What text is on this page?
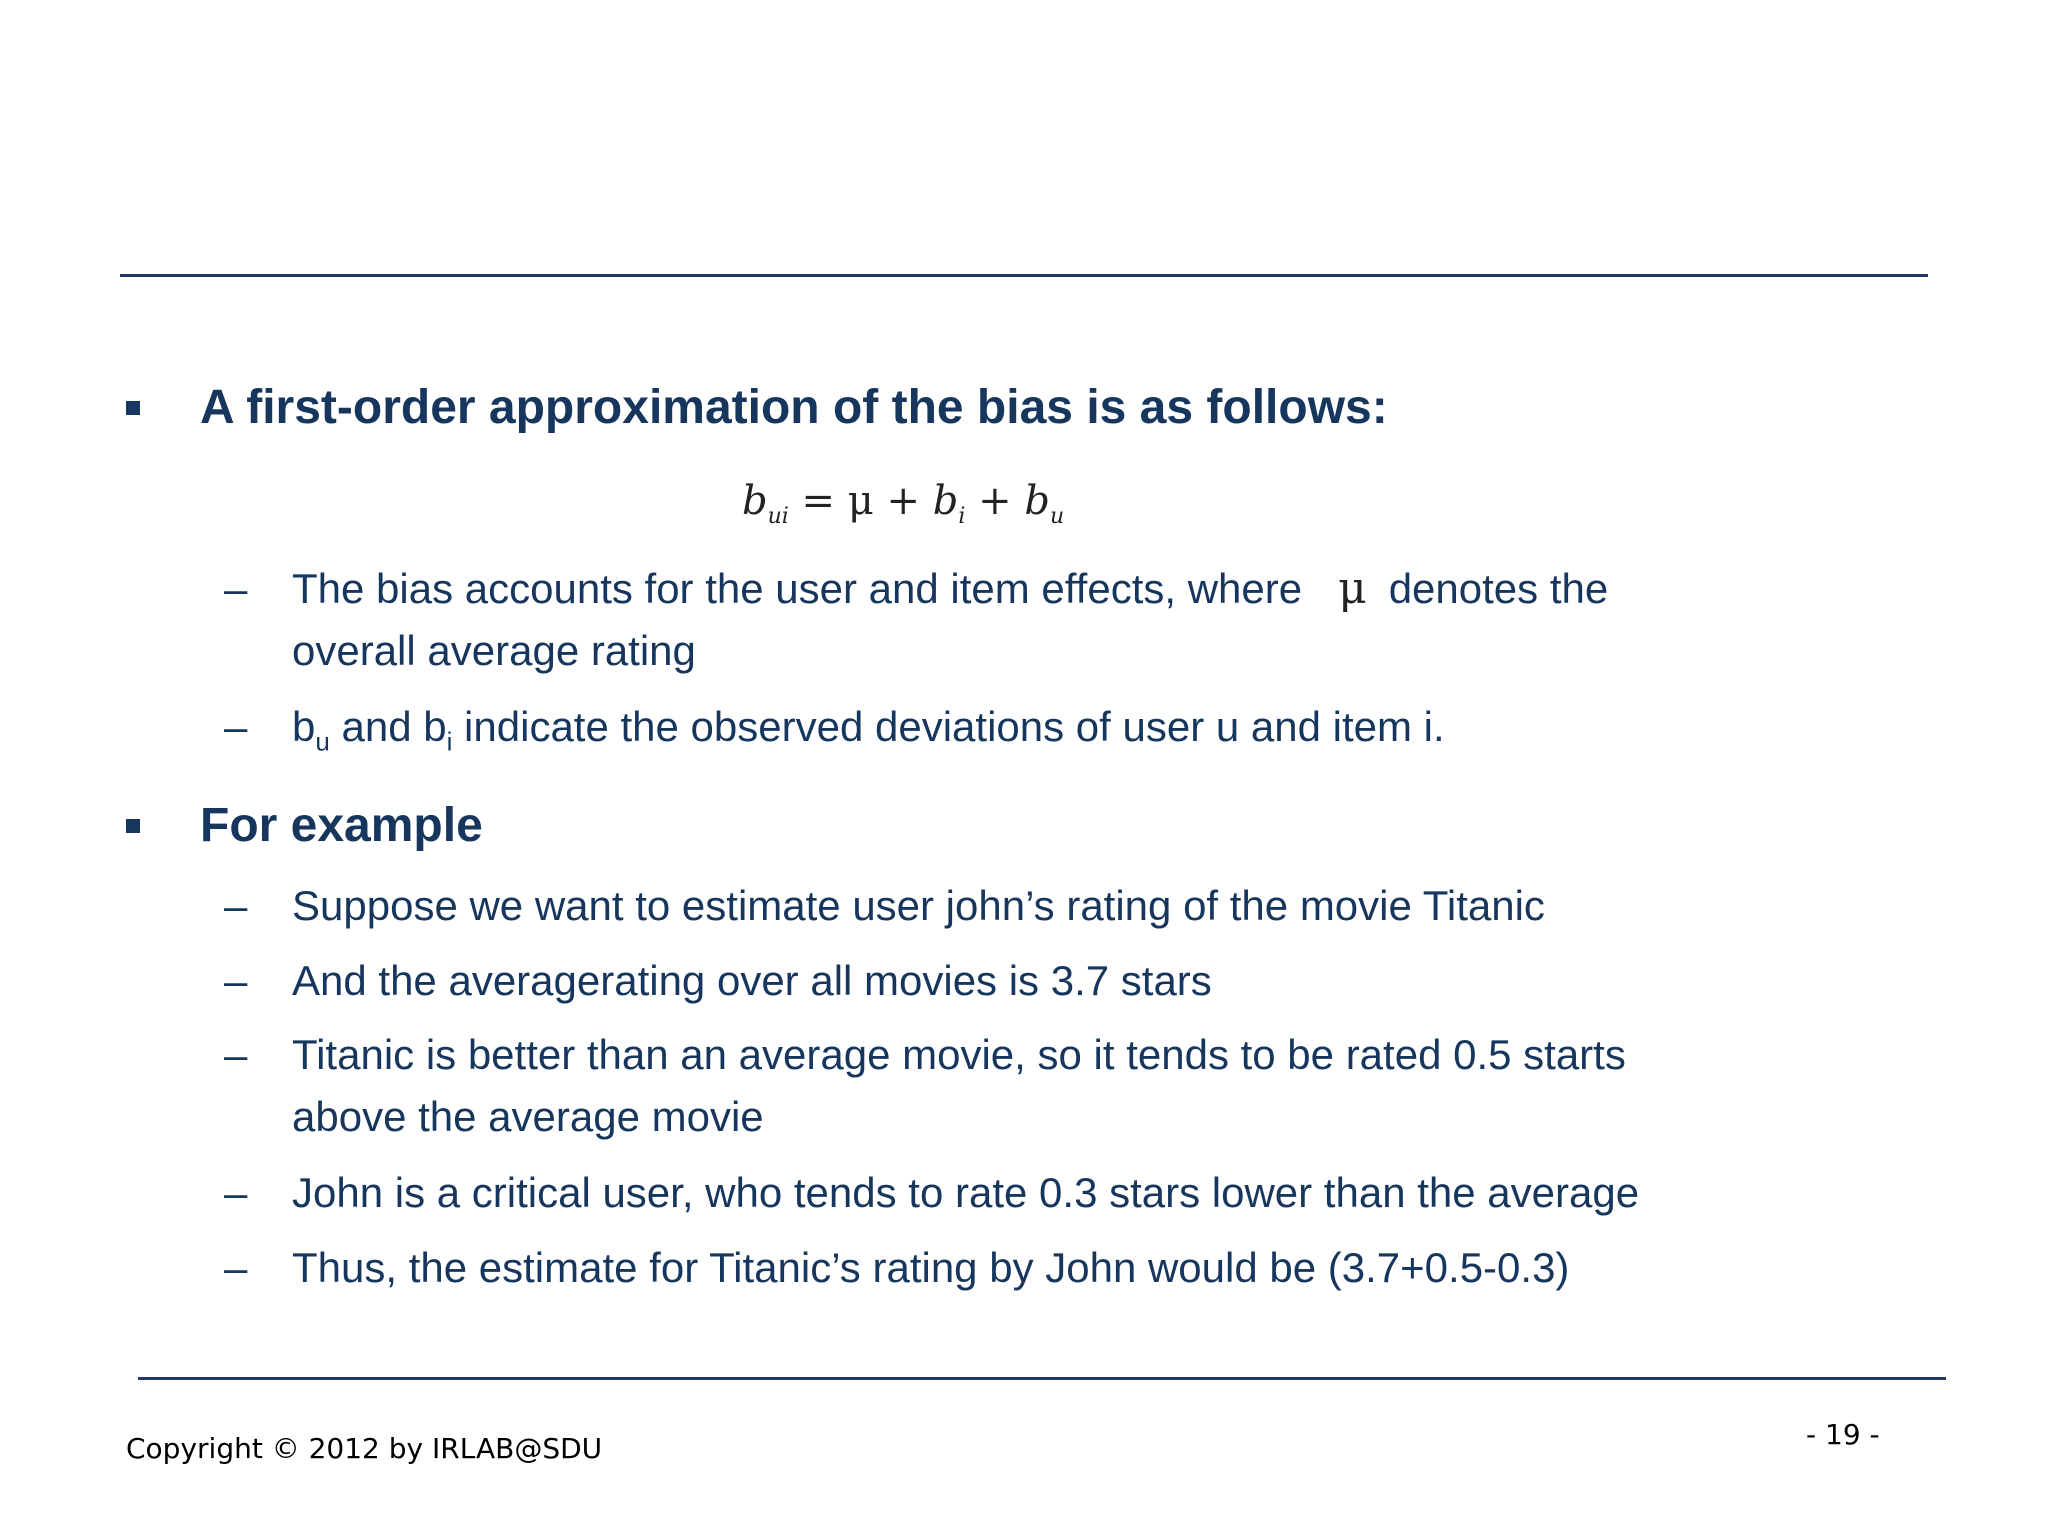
A first-order approximation of the bias is as follows:
$b_{ui} = \mu + b_i + b_u$
–	The bias accounts for the user and item effects, where μ denotes the
overall average rating
–	$b_u$ and $b_i$ indicate the observed deviations of user u and item i.
For example
–	Suppose we want to estimate user john’s rating of the movie Titanic
–	And the averagerating over all movies is 3.7 stars
–	Titanic is better than an average movie, so it tends to be rated 0.5 starts
above the average movie
–	John is a critical user, who tends to rate 0.3 stars lower than the average
–	Thus, the estimate for Titanic’s rating by John would be (3.7+0.5-0.3)
Copyright © 2012 by IRLAB@SDU	- 19 -
